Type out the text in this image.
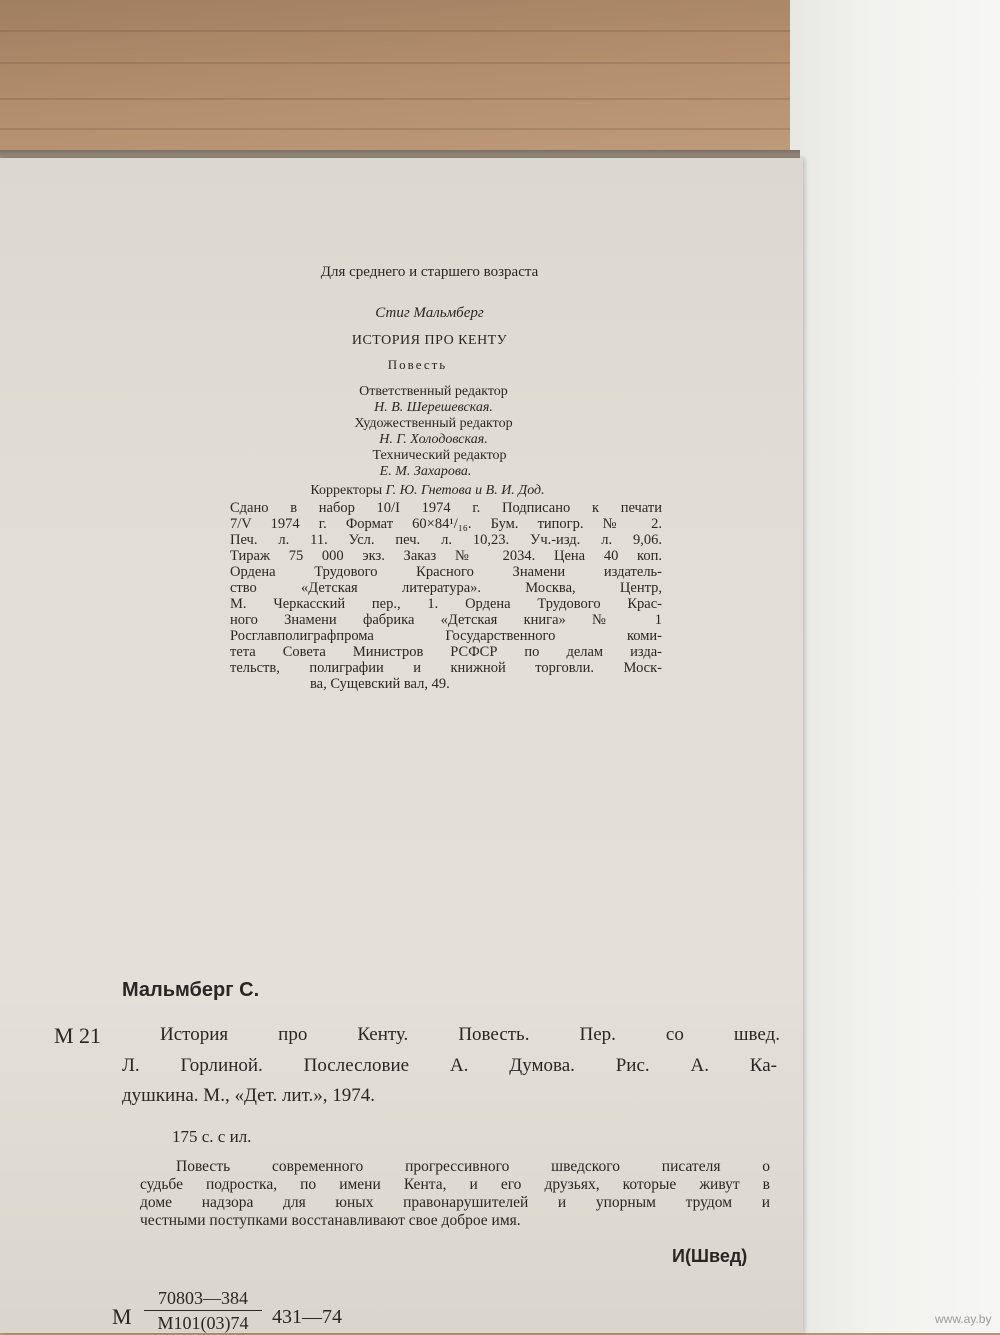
Для среднего и старшего возраста
Стиг Мальмберг
ИСТОРИЯ ПРО КЕНТУ
Повесть
Ответственный редактор
Н. В. Шерешевская.
Художественный редактор
Н. Г. Холодовская.
Технический редактор
Е. М. Захарова.
Корректоры Г. Ю. Гнетова и В. И. Дод.
Сдано в набор 10/I 1974 г. Подписано к печати
7/V 1974 г. Формат 60×84¹/₁₆. Бум. типогр. № 2.
Печ. л. 11. Усл. печ. л. 10,23. Уч.-изд. л. 9,06.
Тираж 75 000 экз. Заказ № 2034. Цена 40 коп.
Ордена Трудового Красного Знамени издатель-
ство «Детская литература». Москва, Центр,
М. Черкасский пер., 1. Ордена Трудового Крас-
ного Знамени фабрика «Детская книга» № 1
Росглавполиграфпрома Государственного коми-
тета Совета Министров РСФСР по делам изда-
тельств, полиграфии и книжной торговли. Моск-
ва, Сущевский вал, 49.
Мальмберг С.
М 21	История про Кенту. Повесть. Пер. со швед.
Л. Горлиной. Послесловие А. Думова. Рис. А. Ка-
душкина. М., «Дет. лит.», 1974.
175 с. с ил.
Повесть современного прогрессивного шведского писателя о
судьбе подростка, по имени Кента, и его друзьях, которые живут в
доме надзора для юных правонарушителей и упорным трудом и
честными поступками восстанавливают свое доброе имя.
И(Швед)
М
70803—384
М101(03)74	431—74	www.ay.by
